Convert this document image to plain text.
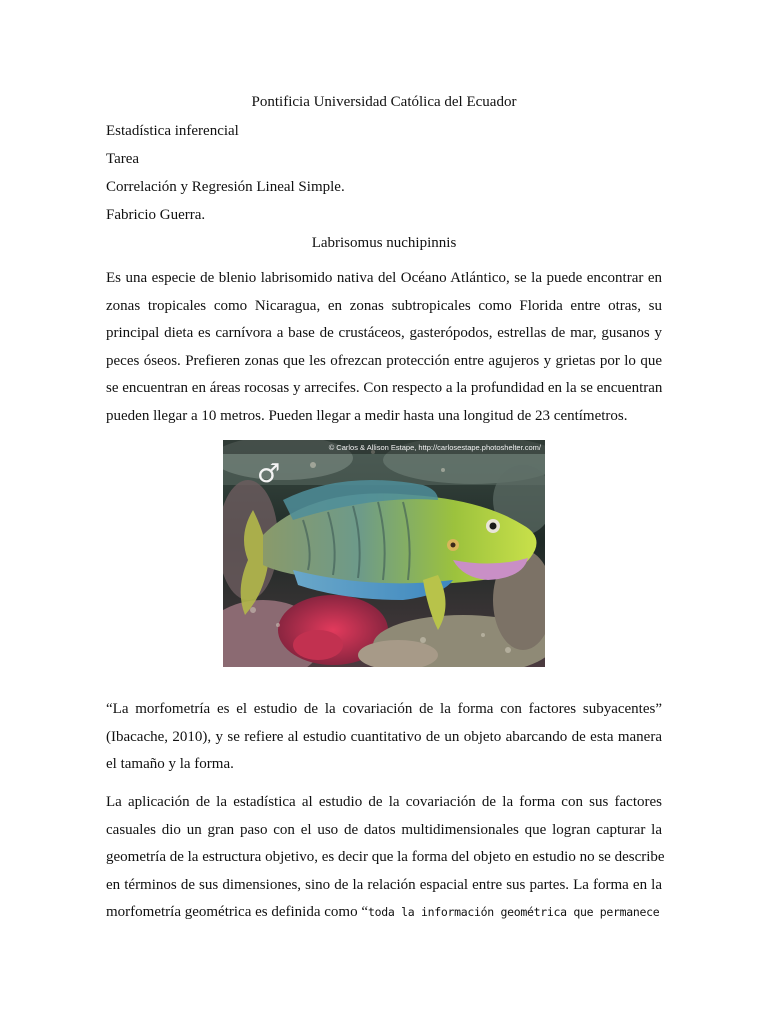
Pontificia Universidad Católica del Ecuador
Estadística inferencial
Tarea
Correlación y Regresión Lineal Simple.
Fabricio Guerra.
Labrisomus nuchipinnis
Es una especie de blenio labrisomido nativa del Océano Atlántico, se la puede encontrar en
zonas tropicales como Nicaragua, en zonas subtropicales como Florida entre otras, su
principal dieta es carnívora a base de crustáceos, gasterópodos, estrellas de mar, gusanos y
peces óseos. Prefieren zonas que les ofrezcan protección entre agujeros y grietas por lo que
se encuentran en áreas rocosas y arrecifes. Con respecto a la profundidad en la se encuentran
pueden llegar a 10 metros. Pueden llegar a medir hasta una longitud de 23 centímetros.
© Carlos & Allison Estape, http://carlosestape.photoshelter.com/
♂
“La morfometría es el estudio de la covariación de la forma con factores subyacentes”
(Ibacache, 2010), y se refiere al estudio cuantitativo de un objeto abarcando de esta manera
el tamaño y la forma.
La aplicación de la estadística al estudio de la covariación de la forma con sus factores
casuales dio un gran paso con el uso de datos multidimensionales que logran capturar la
geometría de la estructura objetivo, es decir que la forma del objeto en estudio no se describe
en términos de sus dimensiones, sino de la relación espacial entre sus partes. La forma en la
morfometría geométrica es definida como “toda la información geométrica que permanece
